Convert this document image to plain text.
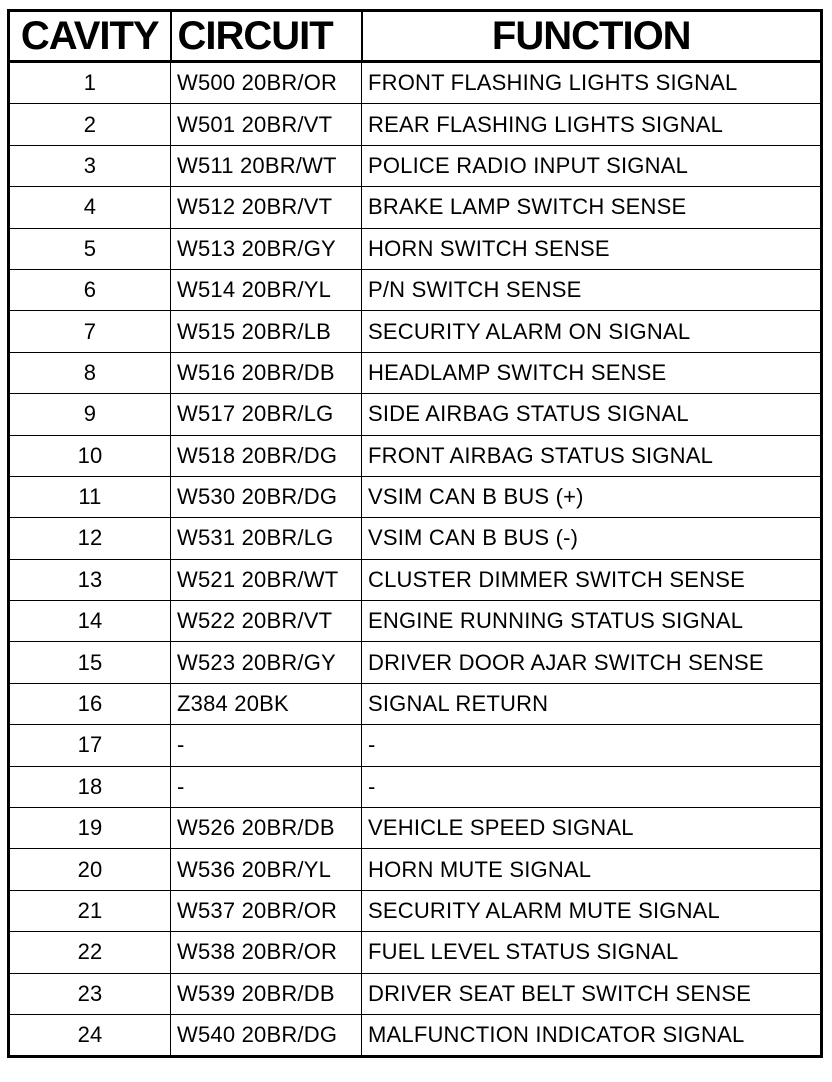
CAVITY	CIRCUIT	FUNCTION
1	W500 20BR/OR	FRONT FLASHING LIGHTS SIGNAL
2	W501 20BR/VT	REAR FLASHING LIGHTS SIGNAL
3	W511 20BR/WT	POLICE RADIO INPUT SIGNAL
4	W512 20BR/VT	BRAKE LAMP SWITCH SENSE
5	W513 20BR/GY	HORN SWITCH SENSE
6	W514 20BR/YL	P/N SWITCH SENSE
7	W515 20BR/LB	SECURITY ALARM ON SIGNAL
8	W516 20BR/DB	HEADLAMP SWITCH SENSE
9	W517 20BR/LG	SIDE AIRBAG STATUS SIGNAL
10	W518 20BR/DG	FRONT AIRBAG STATUS SIGNAL
11	W530 20BR/DG	VSIM CAN B BUS (+)
12	W531 20BR/LG	VSIM CAN B BUS (-)
13	W521 20BR/WT	CLUSTER DIMMER SWITCH SENSE
14	W522 20BR/VT	ENGINE RUNNING STATUS SIGNAL
15	W523 20BR/GY	DRIVER DOOR AJAR SWITCH SENSE
16	Z384 20BK	SIGNAL RETURN
17	-	-
18	-	-
19	W526 20BR/DB	VEHICLE SPEED SIGNAL
20	W536 20BR/YL	HORN MUTE SIGNAL
21	W537 20BR/OR	SECURITY ALARM MUTE SIGNAL
22	W538 20BR/OR	FUEL LEVEL STATUS SIGNAL
23	W539 20BR/DB	DRIVER SEAT BELT SWITCH SENSE
24	W540 20BR/DG	MALFUNCTION INDICATOR SIGNAL
